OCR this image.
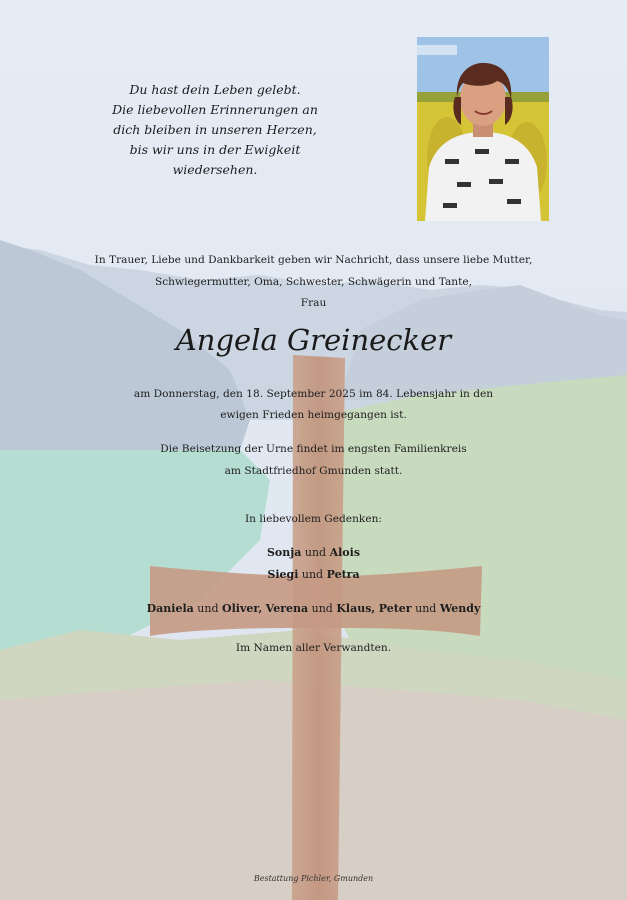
Du hast dein Leben gelebt.
Die liebevollen Erinnerungen an
dich bleiben in unseren Herzen,
bis wir uns in der Ewigkeit
wiedersehen.
In Trauer, Liebe und Dankbarkeit geben wir Nachricht, dass unsere liebe Mutter,
Schwiegermutter, Oma, Schwester, Schwägerin und Tante,
Frau
Angela Greinecker
am Donnerstag, den 18. September 2025 im 84. Lebensjahr in den
ewigen Frieden heimgegangen ist.
Die Beisetzung der Urne findet im engsten Familienkreis
am Stadtfriedhof Gmunden statt.
In liebevollem Gedenken:
Sonja und Alois
Siegi und Petra
Daniela und Oliver, Verena und Klaus, Peter und Wendy
Im Namen aller Verwandten.
Bestattung Pichler, Gmunden
